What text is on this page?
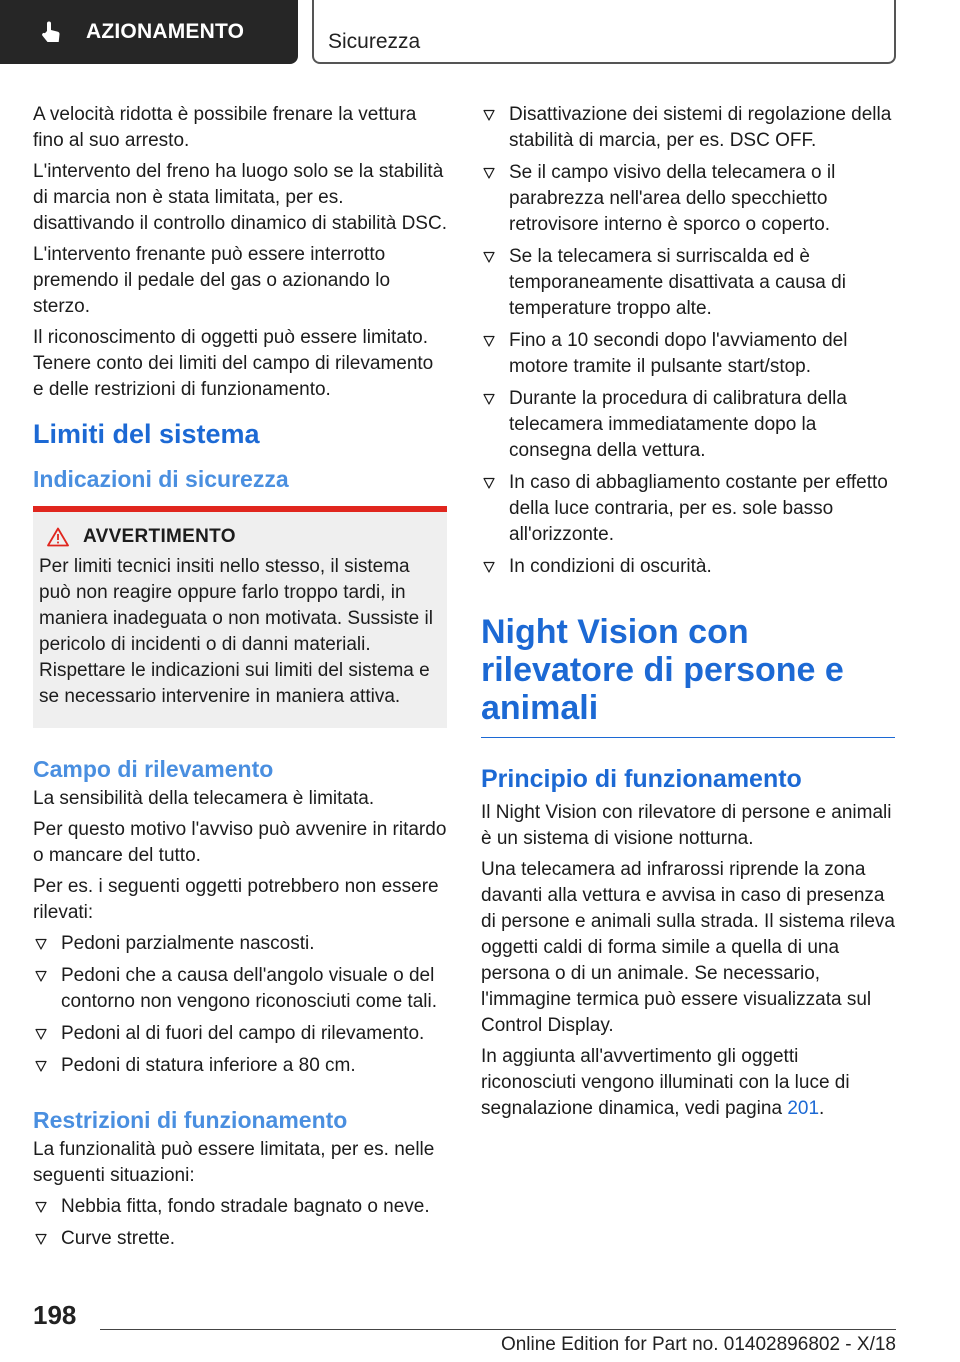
AZIONAMENTO	Sicurezza

A velocità ridotta è possibile frenare la vettura fino al suo arresto.

L'intervento del freno ha luogo solo se la stabilità di marcia non è stata limitata, per es. disattivando il controllo dinamico di stabilità DSC.

L'intervento frenante può essere interrotto premendo il pedale del gas o azionando lo sterzo.

Il riconoscimento di oggetti può essere limitato. Tenere conto dei limiti del campo di rilevamento e delle restrizioni di funzionamento.

Limiti del sistema
Indicazioni di sicurezza
AVVERTIMENTO

Per limiti tecnici insiti nello stesso, il sistema può non reagire oppure farlo troppo tardi, in maniera inadeguata o non motivata. Sussiste il pericolo di incidenti o di danni materiali. Rispettare le indicazioni sui limiti del sistema e se necessario intervenire in maniera attiva.

Campo di rilevamento

La sensibilità della telecamera è limitata.

Per questo motivo l'avviso può avvenire in ritardo o mancare del tutto.

Per es. i seguenti oggetti potrebbero non essere rilevati:

Pedoni parzialmente nascosti.
Pedoni che a causa dell'angolo visuale o del contorno non vengono riconosciuti come tali.
Pedoni al di fuori del campo di rilevamento.
Pedoni di statura inferiore a 80 cm.
Restrizioni di funzionamento

La funzionalità può essere limitata, per es. nelle seguenti situazioni:

Nebbia fitta, fondo stradale bagnato o neve.
Curve strette.
Disattivazione dei sistemi di regolazione della stabilità di marcia, per es. DSC OFF.
Se il campo visivo della telecamera o il parabrezza nell'area dello specchietto retrovisore interno è sporco o coperto.
Se la telecamera si surriscalda ed è temporaneamente disattivata a causa di temperature troppo alte.
Fino a 10 secondi dopo l'avviamento del motore tramite il pulsante start/stop.
Durante la procedura di calibratura della telecamera immediatamente dopo la consegna della vettura.
In caso di abbagliamento costante per effetto della luce contraria, per es. sole basso all'orizzonte.
In condizioni di oscurità.
Night Vision con rilevatore di persone e animali
Principio di funzionamento

Il Night Vision con rilevatore di persone e animali è un sistema di visione notturna.

Una telecamera ad infrarossi riprende la zona davanti alla vettura e avvisa in caso di presenza di persone e animali sulla strada. Il sistema rileva oggetti caldi di forma simile a quella di una persona o di un animale. Se necessario, l'immagine termica può essere visualizzata sul Control Display.

In aggiunta all'avvertimento gli oggetti riconosciuti vengono illuminati con la luce di segnalazione dinamica, vedi pagina 201.

198
Online Edition for Part no. 01402896802 - X/18
